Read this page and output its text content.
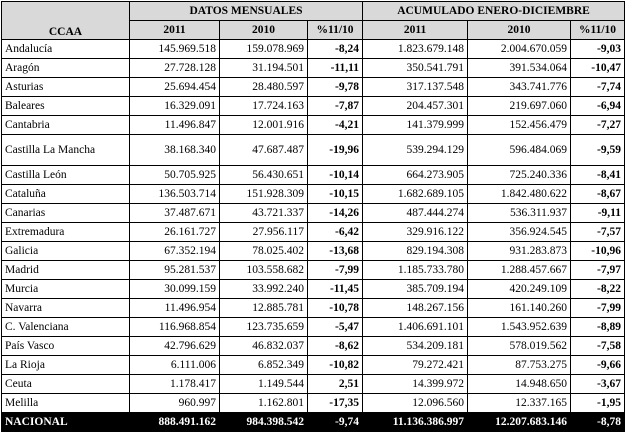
CCAA	DATOS MENSUALES			ACUMULADO ENERO-DICIEMBRE		
	2011	2010	%11/10	2011	2010	%11/10
Andalucía	145.969.518	159.078.969	-8,24	1.823.679.148	2.004.670.059	-9,03
Aragón	27.728.128	31.194.501	-11,11	350.541.791	391.534.064	-10,47
Asturias	25.694.454	28.480.597	-9,78	317.137.548	343.741.776	-7,74
Baleares	16.329.091	17.724.163	-7,87	204.457.301	219.697.060	-6,94
Cantabria	11.496.847	12.001.916	-4,21	141.379.999	152.456.479	-7,27
Castilla La Mancha	38.168.340	47.687.487	-19,96	539.294.129	596.484.069	-9,59
Castilla León	50.705.925	56.430.651	-10,14	664.273.905	725.240.336	-8,41
Cataluña	136.503.714	151.928.309	-10,15	1.682.689.105	1.842.480.622	-8,67
Canarias	37.487.671	43.721.337	-14,26	487.444.274	536.311.937	-9,11
Extremadura	26.161.727	27.956.117	-6,42	329.916.122	356.924.545	-7,57
Galicia	67.352.194	78.025.402	-13,68	829.194.308	931.283.873	-10,96
Madrid	95.281.537	103.558.682	-7,99	1.185.733.780	1.288.457.667	-7,97
Murcia	30.099.159	33.992.240	-11,45	385.709.194	420.249.109	-8,22
Navarra	11.496.954	12.885.781	-10,78	148.267.156	161.140.260	-7,99
C. Valenciana	116.968.854	123.735.659	-5,47	1.406.691.101	1.543.952.639	-8,89
País Vasco	42.796.629	46.832.037	-8,62	534.209.181	578.019.562	-7,58
La Rioja	6.111.006	6.852.349	-10,82	79.272.421	87.753.275	-9,66
Ceuta	1.178.417	1.149.544	2,51	14.399.972	14.948.650	-3,67
Melilla	960.997	1.162.801	-17,35	12.096.560	12.337.165	-1,95
NACIONAL	888.491.162	984.398.542	-9,74	11.136.386.997	12.207.683.146	-8,78
